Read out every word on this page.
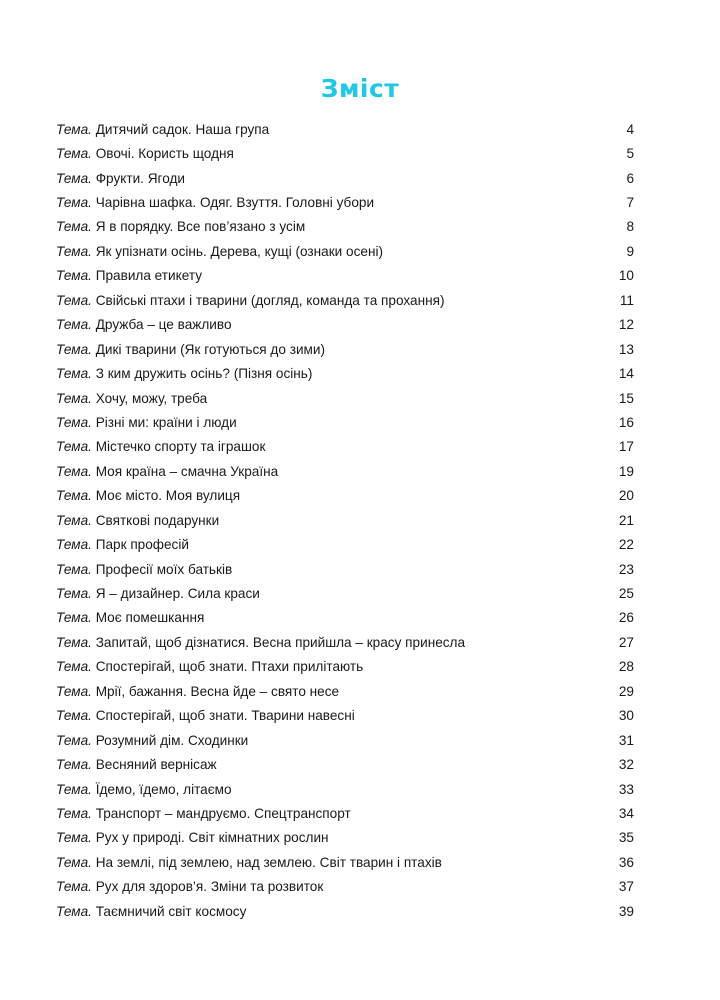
Зміст
Тема. Дитячий садок. Наша група	4
Тема. Овочі. Користь щодня	5
Тема. Фрукти. Ягоди	6
Тема. Чарівна шафка. Одяг. Взуття. Головні убори	7
Тема. Я в порядку. Все пов’язано з усім	8
Тема. Як упізнати осінь. Дерева, кущі (ознаки осені)	9
Тема. Правила етикету	10
Тема. Свійські птахи і тварини (догляд, команда та прохання)	11
Тема. Дружба – це важливо	12
Тема. Дикі тварини (Як готуються до зими)	13
Тема. З ким дружить осінь? (Пізня осінь)	14
Тема. Хочу, можу, треба	15
Тема. Різні ми: країни і люди	16
Тема. Містечко спорту та іграшок	17
Тема. Моя країна – смачна Україна	19
Тема. Моє місто. Моя вулиця	20
Тема. Святкові подарунки	21
Тема. Парк професій	22
Тема. Професії моїх батьків	23
Тема. Я – дизайнер. Сила краси	25
Тема. Моє помешкання	26
Тема. Запитай, щоб дізнатися. Весна прийшла – красу принесла	27
Тема. Спостерігай, щоб знати. Птахи прилітають	28
Тема. Мрії, бажання. Весна йде – свято несе	29
Тема. Спостерігай, щоб знати. Тварини навесні	30
Тема. Розумний дім. Сходинки	31
Тема. Весняний вернісаж	32
Тема. Їдемо, їдемо, літаємо	33
Тема. Транспорт – мандруємо. Спецтранспорт	34
Тема. Рух у природі. Світ кімнатних рослин	35
Тема. На землі, під землею, над землею. Світ тварин і птахів	36
Тема. Рух для здоров’я. Зміни та розвиток	37
Тема. Таємничий світ космосу	39
